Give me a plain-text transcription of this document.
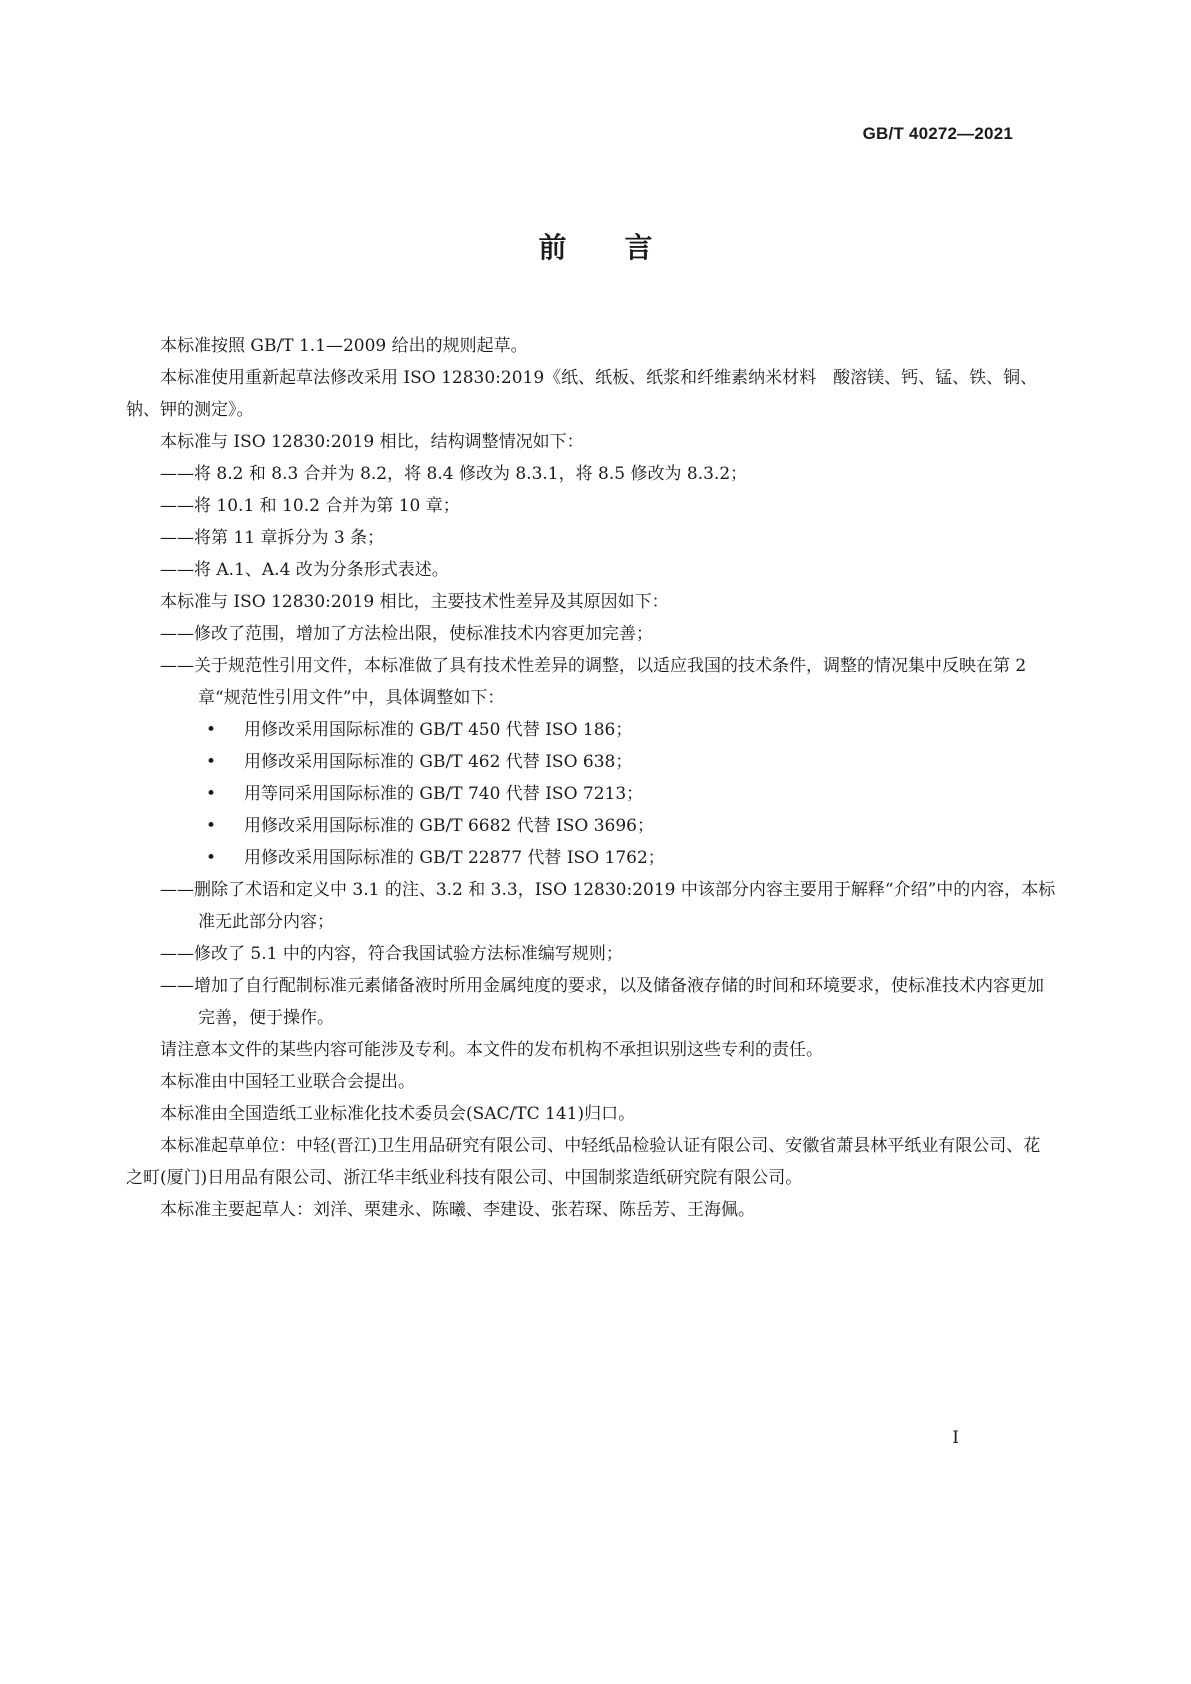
GB/T 40272—2021
前言

本标准按照 GB/T 1.1—2009 给出的规则起草。

本标准使用重新起草法修改采用 ISO 12830:2019《纸、纸板、纸浆和纤维素纳米材料　酸溶镁、钙、锰、铁、铜、钠、钾的测定》。

本标准与 ISO 12830:2019 相比，结构调整情况如下：

——将 8.2 和 8.3 合并为 8.2，将 8.4 修改为 8.3.1，将 8.5 修改为 8.3.2；

——将 10.1 和 10.2 合并为第 10 章；

——将第 11 章拆分为 3 条；

——将 A.1、A.4 改为分条形式表述。

本标准与 ISO 12830:2019 相比，主要技术性差异及其原因如下：

——修改了范围，增加了方法检出限，使标准技术内容更加完善；

——关于规范性引用文件，本标准做了具有技术性差异的调整，以适应我国的技术条件，调整的情况集中反映在第 2 章“规范性引用文件”中，具体调整如下：

• 用修改采用国际标准的 GB/T 450 代替 ISO 186；
• 用修改采用国际标准的 GB/T 462 代替 ISO 638；
• 用等同采用国际标准的 GB/T 740 代替 ISO 7213；
• 用修改采用国际标准的 GB/T 6682 代替 ISO 3696；
• 用修改采用国际标准的 GB/T 22877 代替 ISO 1762；

——删除了术语和定义中 3.1 的注、3.2 和 3.3，ISO 12830:2019 中该部分内容主要用于解释“介绍”中的内容，本标准无此部分内容；

——修改了 5.1 中的内容，符合我国试验方法标准编写规则；

——增加了自行配制标准元素储备液时所用金属纯度的要求，以及储备液存储的时间和环境要求，使标准技术内容更加完善，便于操作。

请注意本文件的某些内容可能涉及专利。本文件的发布机构不承担识别这些专利的责任。

本标准由中国轻工业联合会提出。

本标准由全国造纸工业标准化技术委员会(SAC/TC 141)归口。

本标准起草单位：中轻(晋江)卫生用品研究有限公司、中轻纸品检验认证有限公司、安徽省萧县林平纸业有限公司、花之町(厦门)日用品有限公司、浙江华丰纸业科技有限公司、中国制浆造纸研究院有限公司。

本标准主要起草人：刘洋、栗建永、陈曦、李建设、张若琛、陈岳芳、王海佩。

I
